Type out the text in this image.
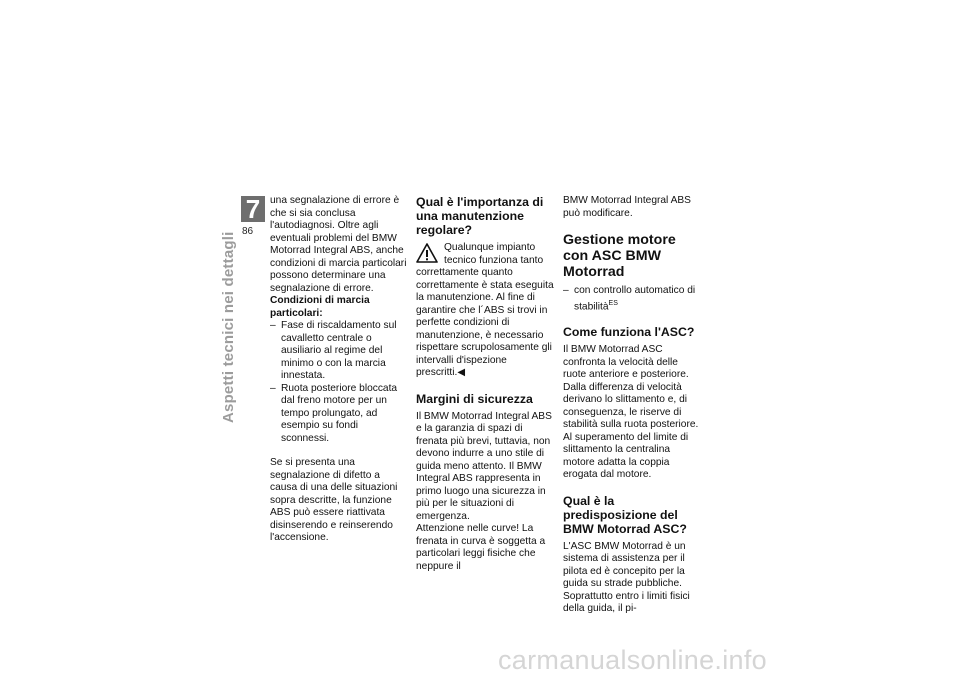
7
86
Aspetti tecnici nei dettagli

una segnalazione di errore è che si sia conclusa l'autodiagnosi. Oltre agli eventuali problemi del BMW Motorrad Integral ABS, anche condizioni di marcia particolari possono determinare una segnalazione di errore.

Condizioni di marcia particolari:

– Fase di riscaldamento sul cavalletto centrale o ausiliario al regime del minimo o con la marcia innestata.
– Ruota posteriore bloccata dal freno motore per un tempo prolungato, ad esempio su fondi sconnessi.

Se si presenta una segnalazione di difetto a causa di una delle situazioni sopra descritte, la funzione ABS può essere riattivata disinserendo e reinserendo l'accensione.

Qual è l'importanza di una manutenzione regolare?

Qualunque impianto tecnico funziona tanto correttamente quanto correttamente è stata eseguita la manutenzione. Al fine di garantire che l´ABS si trovi in perfette condizioni di manutenzione, è necessario rispettare scrupolosamente gli intervalli d'ispezione prescritti.◀

Margini di sicurezza

Il BMW Motorrad Integral ABS e la garanzia di spazi di frenata più brevi, tuttavia, non devono indurre a uno stile di guida meno attento. Il BMW Integral ABS rappresenta in primo luogo una sicurezza in più per le situazioni di emergenza.

Attenzione nelle curve! La frenata in curva è soggetta a particolari leggi fisiche che neppure il

BMW Motorrad Integral ABS può modificare.

Gestione motore con ASC BMW Motorrad
– con controllo automatico di stabilità$^{ES}$
Come funziona l'ASC?

Il BMW Motorrad ASC confronta la velocità delle ruote anteriore e posteriore. Dalla differenza di velocità derivano lo slittamento e, di conseguenza, le riserve di stabilità sulla ruota posteriore. Al superamento del limite di slittamento la centralina motore adatta la coppia erogata dal motore.

Qual è la predisposizione del BMW Motorrad ASC?

L'ASC BMW Motorrad è un sistema di assistenza per il pilota ed è concepito per la guida su strade pubbliche. Soprattutto entro i limiti fisici della guida, il pi-

carmanualsonline.info
